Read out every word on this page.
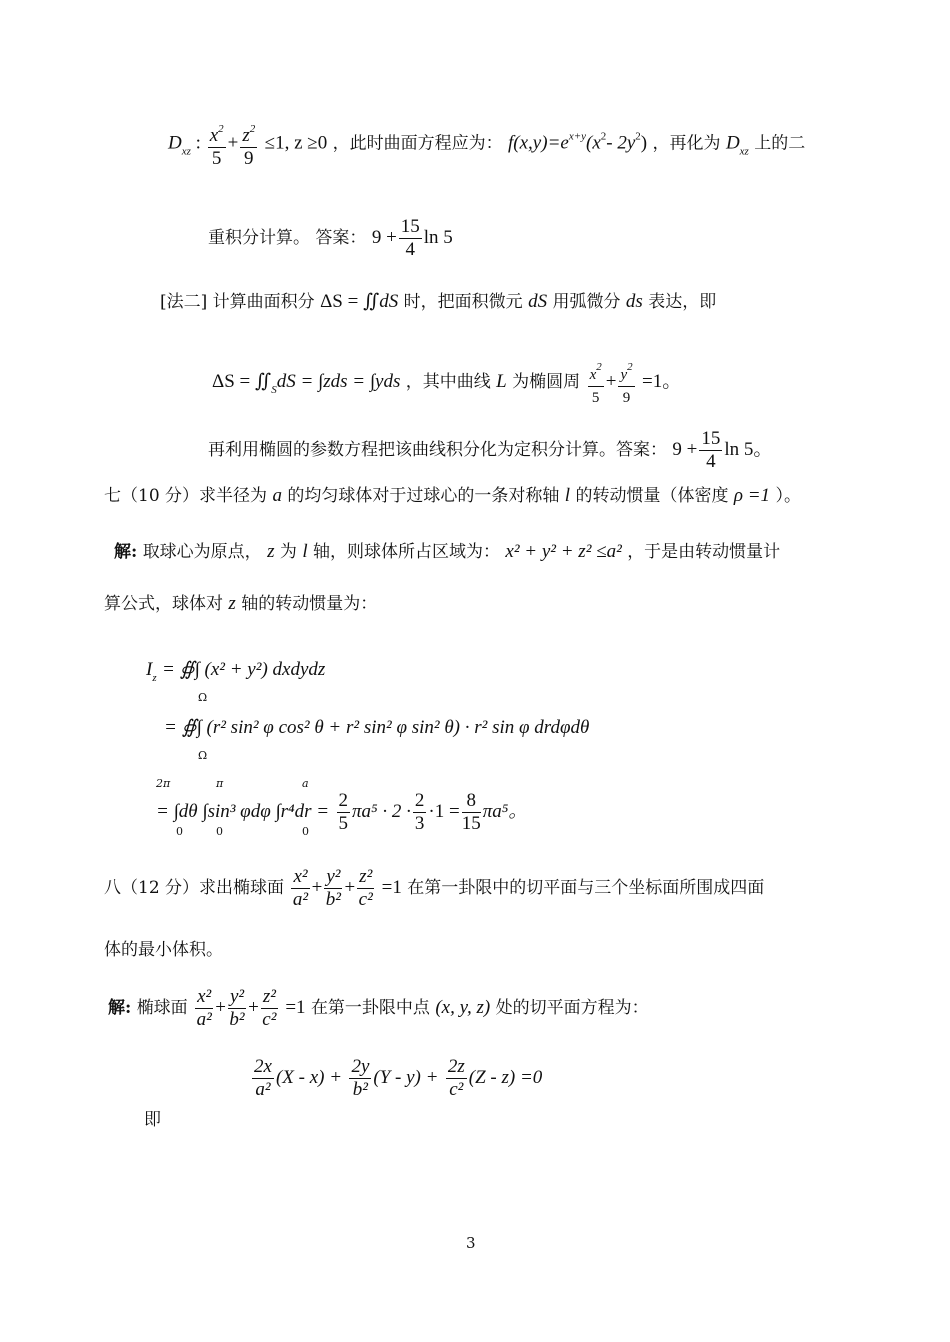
$D_{xz}$ : $\frac{x^2}{5} + \frac{z^2}{9} \le 1$, z ≥0 ，此时曲面方程应为： $f(x,y)=e^{x+y}(x^2-$ $2y^2$) ，再化为 $D_{xz}$ 上的二
重积分计算。 答案： $9 + \frac{15}{4}$ ln 5
[法二] 计算曲面积分 ΔS = ∬dS 时，把面积微元 dS 用弧微分 ds 表达，即
$\Delta S = ∬_SdS = \int zds = \int yds$ ，其中曲线 L 为椭圆周 $\frac{x^2}{5} + \frac{y^2}{9} =1$。
再利用椭圆的参数方程把该曲线积分化为定积分计算。答案： $9 + \frac{15}{4}$ ln 5。
七（10 分）求半径为 a 的均匀球体对于过球心的一条对称轴 l 的转动惯量（体密度 ρ =1 ）。
解: 取球心为原点， z 为 l 轴，则球体所占区域为： x² + y² + z² ≤a² ，于是由转动惯量计
算公式，球体对 z 轴的转动惯量为：
$I_z$ = ∯∫ (x² + y²) dxdydz
Ω
= ∯∫ (r² sin² φ cos² θ + r² sin² φ sin² θ) · r² sin φ drdφdθ
Ω
2π	π	a
= ∫dθ ∫sin³ φdφ $\int r^4dr = \frac{2}{5} \pi a^5 \cdot 2 \cdot \frac{2}{3} \cdot 1 = \frac{8}{15} \pi a^5$。
0	0	0
八（12 分）求出椭球面 $\frac{\text{x²}}{\text{a²}} + \frac{\text{y²}}{\text{b²}} + \frac{\text{z²}}{\text{c²}} =1$ 在第一卦限中的切平面与三个坐标面所围成四面
体的最小体积。
解: 椭球面 $\frac{\text{x²}}{\text{a²}} + \frac{\text{y²}}{\text{b²}} + \frac{\text{z²}}{\text{c²}} =1$ 在第一卦限中点 (x, y, z) 处的切平面方程为：
$\frac{2x}{\text{a²}} (X - x) + \frac{2y}{\text{b²}} (Y - y) + \frac{2z}{\text{c²}} (Z - z) =0$
即
3
